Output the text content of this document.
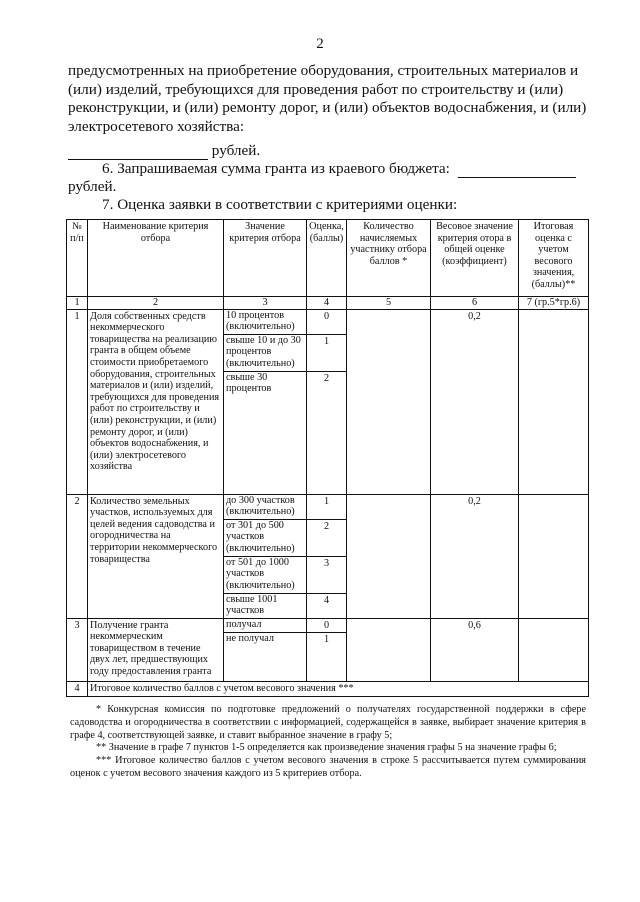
2
предусмотренных на приобретение оборудования, строительных материалов и
(или) изделий, требующихся для проведения работ по строительству и (или)
реконструкции, и (или) ремонту дорог, и (или) объектов водоснабжения, и (или)
электросетевого хозяйства:
рублей.
6. Запрашиваемая сумма гранта из краевого бюджета:
рублей.
7. Оценка заявки в соответствии с критериями оценки:
№ п/п	Наименование критерия отбора	Значение критерия отбора	Оценка, (баллы)	Количество начисляемых участнику отбора баллов *	Весовое значение критерия отора в общей оценке (коэффициент)	Итоговая оценка с учетом весового значения, (баллы)**
1	2	3	4	5	6	7 (гр.5*гр.6)
1	Доля собственных средств некоммерческого товарищества на реализацию гранта в общем объеме стоимости приобретаемого оборудования, строительных материалов и (или) изделий, требующихся для проведения работ по строительству и (или) реконструкции, и (или) ремонту дорог, и (или) объектов водоснабжения, и (или) электросетевого хозяйства	10 процентов (включительно)	0		0,2	
		свыше 10 и до 30 процентов (включительно)	1			
		свыше 30 процентов	2			
2	Количество земельных участков, используемых для целей ведения садоводства и огородничества на территории некоммерческого товарищества	до 300 участков (включительно)	1		0,2	
		от 301 до 500 участков (включительно)	2			
		от 501 до 1000 участков (включительно)	3			
		свыше 1001 участков	4			
3	Получение гранта некоммерческим товариществом в течение двух лет, предшествующих году предоставления гранта	получал	0		0,6	
		не получал	1			
4	Итоговое количество баллов с учетом весового значения ***					

* Конкурсная комиссия по подготовке предложений о получателях государственной поддержки в сфере садоводства и огородничества в соответствии с информацией, содержащейся в заявке, выбирает значение критерия в графе 4, соответствующей заявке, и ставит выбранное значение в графу 5;

** Значение в графе 7 пунктов 1-5 определяется как произведение значения графы 5 на значение графы 6;

*** Итоговое количество баллов с учетом весового значения в строке 5 рассчитывается путем суммирования оценок с учетом весового значения каждого из 5 критериев отбора.
